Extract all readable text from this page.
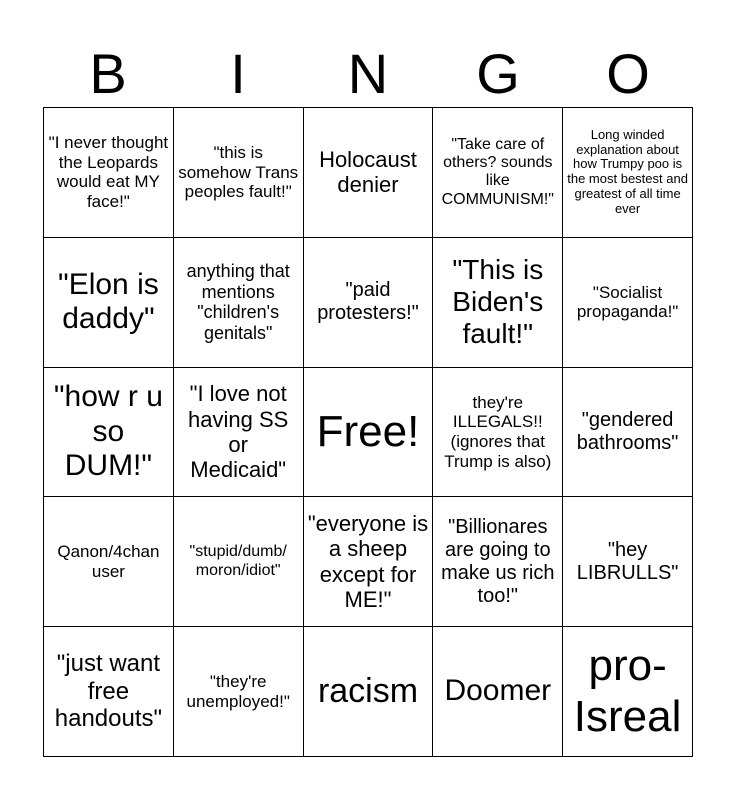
B	I	N	G	O
"I never thought the Leopards would eat MY face!"
"this is somehow Trans peoples fault!"
Holocaust denier
"Take care of others? sounds like COMMUNISM!"
Long winded explanation about how Trumpy poo is the most bestest and greatest of all time ever
"Elon is daddy"
anything that mentions "children's genitals"
"paid protesters!"
"This is Biden's fault!"
"Socialist propaganda!"
"how r u so DUM!"
"I love not having SS or Medicaid"
Free!
they're ILLEGALS!! (ignores that Trump is also)
"gendered bathrooms"
Qanon/4chan user
"stupid/dumb/ moron/idiot"
"everyone is a sheep except for ME!"
"Billionares are going to make us rich too!"
"hey LIBRULLS"
"just want free handouts"
"they're unemployed!" racism Doomer
pro-Isreal
